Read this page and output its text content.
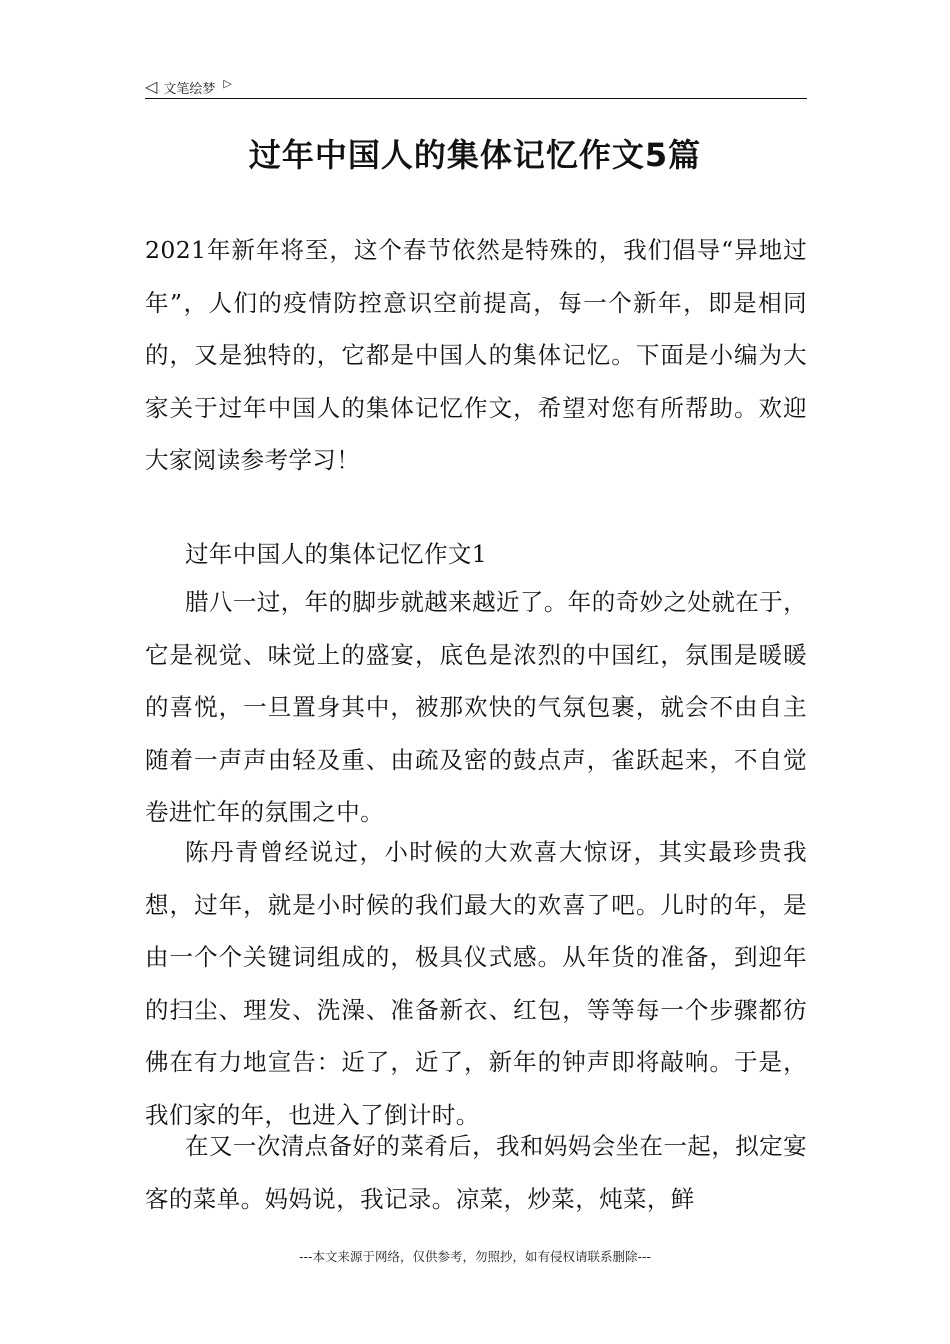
◁ 文笔绘梦 ▷
过年中国人的集体记忆作文5篇
2021年新年将至，这个春节依然是特殊的，我们倡导“异地过年”，人们的疫情防控意识空前提高，每一个新年，即是相同的，又是独特的，它都是中国人的集体记忆。下面是小编为大家关于过年中国人的集体记忆作文，希望对您有所帮助。欢迎大家阅读参考学习！
过年中国人的集体记忆作文1
腊八一过，年的脚步就越来越近了。年的奇妙之处就在于，它是视觉、味觉上的盛宴，底色是浓烈的中国红，氛围是暖暖的喜悦，一旦置身其中，被那欢快的气氛包裹，就会不由自主随着一声声由轻及重、由疏及密的鼓点声，雀跃起来，不自觉卷进忙年的氛围之中。
陈丹青曾经说过，小时候的大欢喜大惊讶，其实最珍贵我想，过年，就是小时候的我们最大的欢喜了吧。儿时的年，是由一个个关键词组成的，极具仪式感。从年货的准备，到迎年的扫尘、理发、洗澡、准备新衣、红包，等等每一个步骤都彷佛在有力地宣告：近了，近了，新年的钟声即将敲响。于是，我们家的年，也进入了倒计时。
在又一次清点备好的菜肴后，我和妈妈会坐在一起，拟定宴客的菜单。妈妈说，我记录。凉菜，炒菜，炖菜，鲜
---本文来源于网络，仅供参考，勿照抄，如有侵权请联系删除---
